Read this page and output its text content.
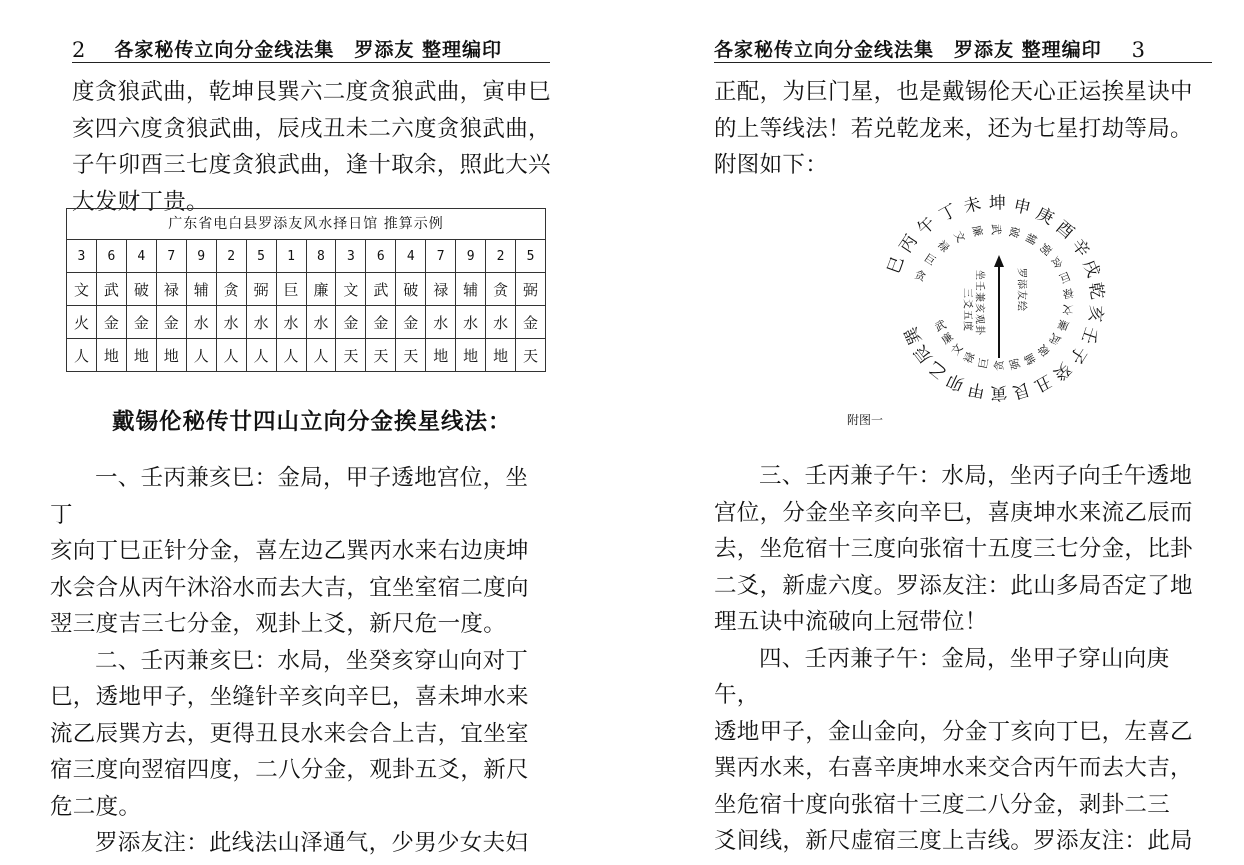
2 各家秘传立向分金线法集 罗添友 整理编印

度贪狼武曲，乾坤艮巽六二度贪狼武曲，寅申巳

亥四六度贪狼武曲，辰戌丑未二六度贪狼武曲，

子午卯酉三七度贪狼武曲，逢十取余，照此大兴

大发财丁贵。

广东省电白县罗添友风水择日馆 推算示例
3	6	4	7	9	2	5	1	8	3	6	4	7	9	2	5
文 武 破 禄 辅 贪 弼 巨 廉 文 武 破 禄 辅 贪 弼
火 金 金 金 水 水 水 水 水 金 金 金 水 水 水 金
人 地 地 地 人 人 人 人 人 天 天 天 地 地 地 天
戴锡伦秘传廿四山立向分金挨星线法：

一、壬丙兼亥巳：金局，甲子透地宫位，坐丁
亥向丁巳正针分金，喜左边乙巽丙水来右边庚坤
水会合从丙午沐浴水而去大吉，宜坐室宿二度向
翌三度吉三七分金，观卦上爻，新尺危一度。

二、壬丙兼亥巳：水局，坐癸亥穿山向对丁
巳，透地甲子，坐缝针辛亥向辛巳，喜未坤水来
流乙辰巽方去，更得丑艮水来会合上吉，宜坐室
宿三度向翌宿四度，二八分金，观卦五爻，新尺
危二度。

罗添友注：此线法山泽通气，少男少女夫妇

各家秘传立向分金线法集 罗添友 整理编印 3

正配，为巨门星，也是戴锡伦天心正运挨星诀中

的上等线法！若兑乾龙来，还为七星打劫等局。

附图如下：

巳
丙
午
丁 未 坤 申 庚
酉
辛
戌
乾
亥
壬
子
癸
丑
艮
寅
甲
卯
乙
辰
巽
贪
巨
禄
文 廉 武 破 辅
弼
贪
巨
禄
文
廉
武
破
辅
弼
贪
巨
禄
文
廉
武
坐
壬
兼
亥
观
卦
三
爻
五
度
罗
添
友
绘
附图一

三、壬丙兼子午：水局，坐丙子向壬午透地
宫位，分金坐辛亥向辛巳，喜庚坤水来流乙辰而
去，坐危宿十三度向张宿十五度三七分金，比卦
二爻，新虚六度。罗添友注：此山多局否定了地
理五诀中流破向上冠带位！

四、壬丙兼子午：金局，坐甲子穿山向庚午，
透地甲子，金山金向，分金丁亥向丁巳，左喜乙
巽丙水来，右喜辛庚坤水来交合丙午而去大吉，
坐危宿十度向张宿十三度二八分金，剥卦二三
爻间线，新尺虚宿三度上吉线。罗添友注：此局
